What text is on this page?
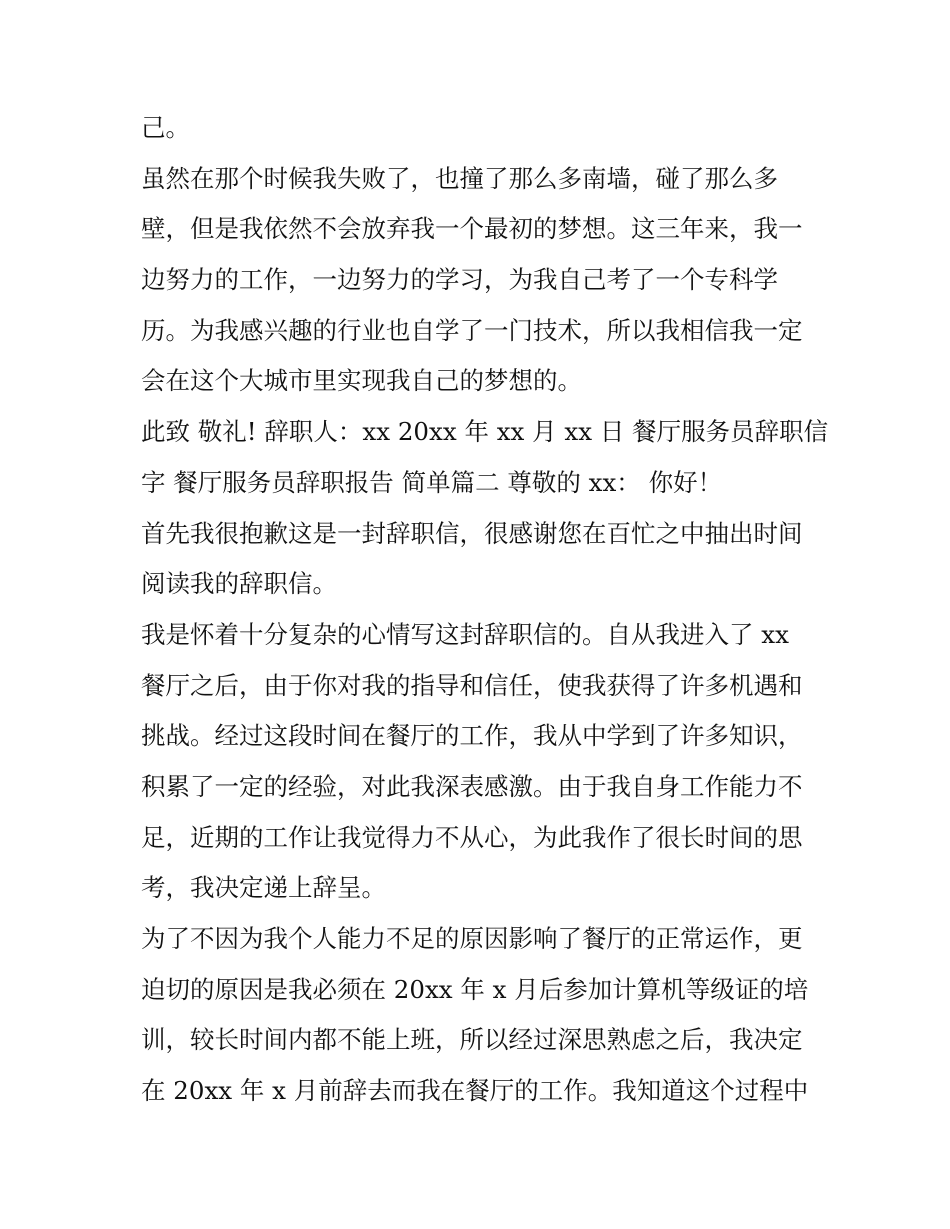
己。
虽然在那个时候我失败了，也撞了那么多南墙，碰了那么多
壁，但是我依然不会放弃我一个最初的梦想。这三年来，我一
边努力的工作，一边努力的学习，为我自己考了一个专科学
历。为我感兴趣的行业也自学了一门技术，所以我相信我一定
会在这个大城市里实现我自己的梦想的。
此致 敬礼! 辞职人：xx 20xx 年 xx 月 xx 日 餐厅服务员辞职信
字 餐厅服务员辞职报告 简单篇二 尊敬的 xx： 你好！
首先我很抱歉这是一封辞职信，很感谢您在百忙之中抽出时间
阅读我的辞职信。
我是怀着十分复杂的心情写这封辞职信的。自从我进入了 xx
餐厅之后，由于你对我的指导和信任，使我获得了许多机遇和
挑战。经过这段时间在餐厅的工作，我从中学到了许多知识，
积累了一定的经验，对此我深表感激。由于我自身工作能力不
足，近期的工作让我觉得力不从心，为此我作了很长时间的思
考，我决定递上辞呈。
为了不因为我个人能力不足的原因影响了餐厅的正常运作，更
迫切的原因是我必须在 20xx 年 x 月后参加计算机等级证的培
训，较长时间内都不能上班，所以经过深思熟虑之后，我决定
在 20xx 年 x 月前辞去而我在餐厅的工作。我知道这个过程中
